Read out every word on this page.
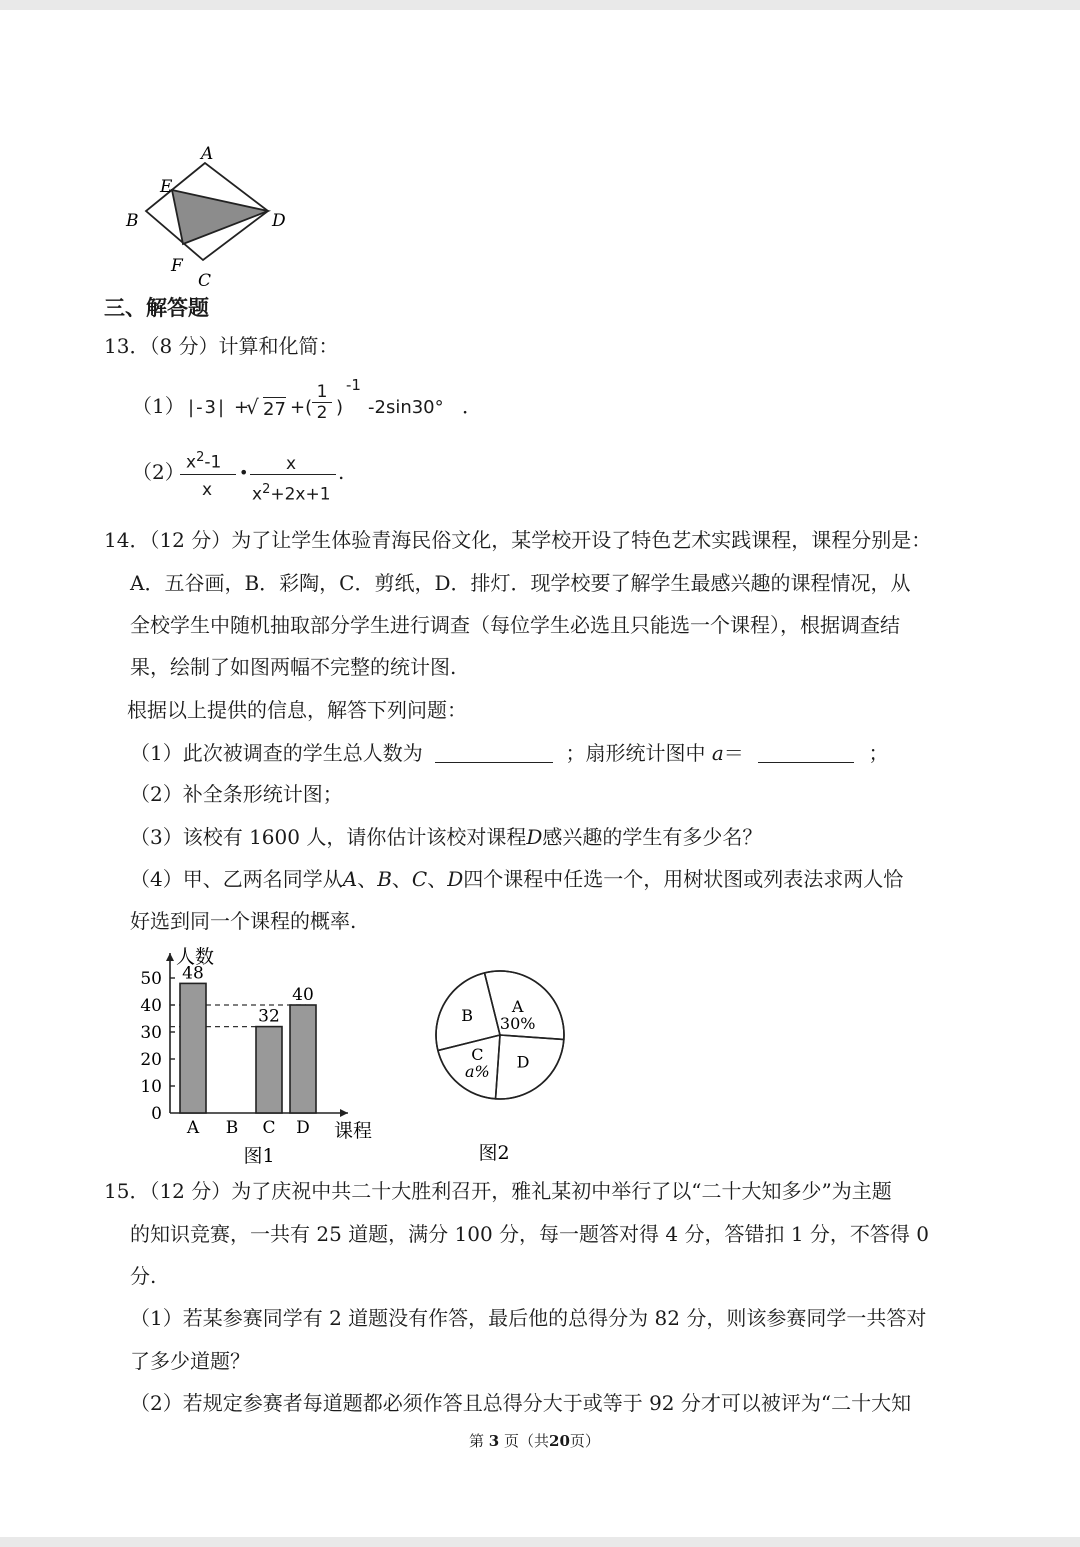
A
E
B	D
F
C
三、解答题
13．（8 分）计算和化简：
（1） |-3| +
√ 27 +(
1
2 )
-1
-2sin30° ．
（2） $x^2-1$
x
• x
$x^2+2x+1$
.
14．（12 分）为了让学生体验青海民俗文化，某学校开设了特色艺术实践课程，课程分别是：
A．五谷画，B．彩陶，C．剪纸，D．排灯．现学校要了解学生最感兴趣的课程情况，从
全校学生中随机抽取部分学生进行调查（每位学生必选且只能选一个课程），根据调查结
果，绘制了如图两幅不完整的统计图.
根据以上提供的信息，解答下列问题：
（1）此次被调查的学生总人数为	；扇形统计图中 a＝	；
（2）补全条形统计图；
（3）该校有 1600 人，请你估计该校对课程D感兴趣的学生有多少名？
（4）甲、乙两名同学从A、B、C、D四个课程中任选一个，用树状图或列表法求两人恰
好选到同一个课程的概率.
0
10
20
30
40
50 48
A B
32
C
40
D
人数
课程
图1
A
30%
D
C
a%
B
图2
15．（12 分）为了庆祝中共二十大胜利召开，雅礼某初中举行了以“二十大知多少”为主题
的知识竞赛，一共有 25 道题，满分 100 分，每一题答对得 4 分，答错扣 1 分，不答得 0
分.
（1）若某参赛同学有 2 道题没有作答，最后他的总得分为 82 分，则该参赛同学一共答对
了多少道题？
（2）若规定参赛者每道题都必须作答且总得分大于或等于 92 分才可以被评为“二十大知
第 3 页（共20页）
